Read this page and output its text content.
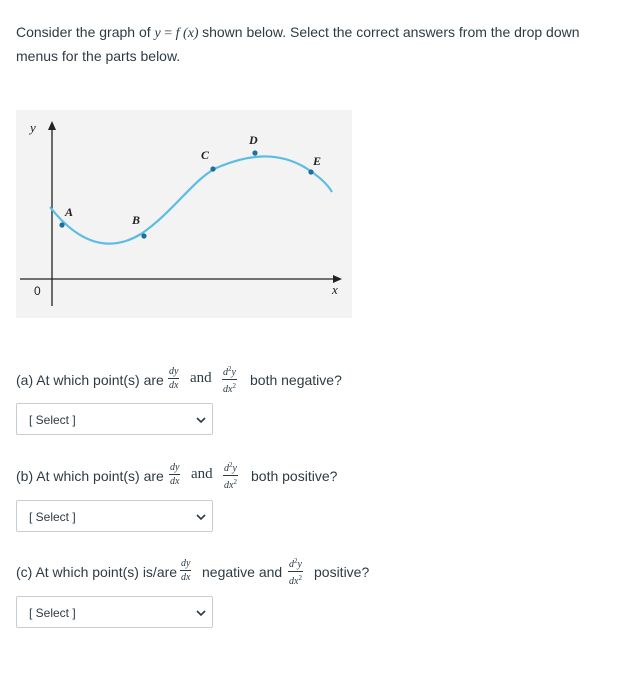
Consider the graph of y = f (x) shown below. Select the correct answers from the drop down menus for the parts below.
y
x
0
A
B
C
D
E
(a) At which point(s) are
dy
dx and $d^2y$
$dx^2$ both negative?
[ Select ]
(b) At which point(s) are
dy
dx and $d^2y$
$dx^2$ both positive?
[ Select ]
(c) At which point(s) is/are
dy
dx negative and $d^2y$
$dx^2$ positive?
[ Select ]
